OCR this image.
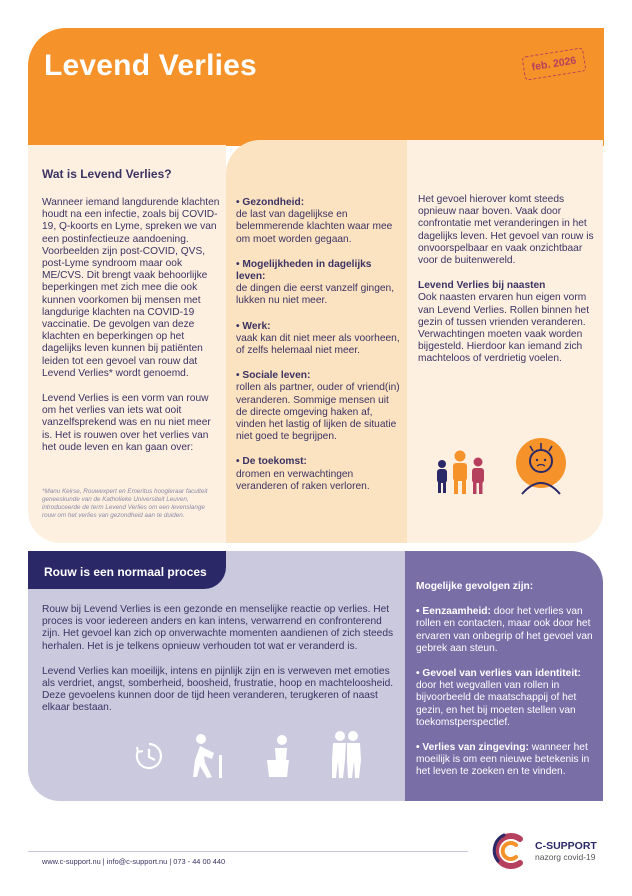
Levend Verlies	feb. 2026
Wat is Levend Verlies?

Wanneer iemand langdurende klachten houdt na een infectie, zoals bij COVID-19, Q-koorts en Lyme, spreken we van een postinfectieuze aandoening. Voorbeelden zijn post-COVID, QVS, post-Lyme syndroom maar ook ME/CVS. Dit brengt vaak behoorlijke beperkingen met zich mee die ook kunnen voorkomen bij mensen met langdurige klachten na COVID-19 vaccinatie. De gevolgen van deze klachten en beperkingen op het dagelijks leven kunnen bij patiënten leiden tot een gevoel van rouw dat Levend Verlies* wordt genoemd.

Levend Verlies is een vorm van rouw om het verlies van iets wat ooit vanzelfsprekend was en nu niet meer is. Het is rouwen over het verlies van het oude leven en kan gaan over:

*Manu Keirse, Rouwexpert en Emeritus hoogleraar faculteit geneeskunde van de Katholieke Universiteit Leuven, introduceerde de term Levend Verlies om een levenslange rouw om het verlies van gezondheid aan te duiden.
• Gezondheid:
de last van dagelijkse en belemmerende klachten waar mee om moet worden gegaan.
• Mogelijkheden in dagelijks leven:
de dingen die eerst vanzelf gingen, lukken nu niet meer.
• Werk:
vaak kan dit niet meer als voorheen, of zelfs helemaal niet meer.
• Sociale leven:
rollen als partner, ouder of vriend(in) veranderen. Sommige mensen uit de directe omgeving haken af, vinden het lastig of lijken de situatie niet goed te begrijpen.
• De toekomst:
dromen en verwachtingen veranderen of raken verloren.

Het gevoel hierover komt steeds opnieuw naar boven. Vaak door confrontatie met veranderingen in het dagelijks leven. Het gevoel van rouw is onvoorspelbaar en vaak onzichtbaar voor de buitenwereld.

Levend Verlies bij naasten

Ook naasten ervaren hun eigen vorm van Levend Verlies. Rollen binnen het gezin of tussen vrienden veranderen. Verwachtingen moeten vaak worden bijgesteld. Hierdoor kan iemand zich machteloos of verdrietig voelen.

Rouw is een normaal proces

Rouw bij Levend Verlies is een gezonde en menselijke reactie op verlies. Het proces is voor iedereen anders en kan intens, verwarrend en confronterend zijn. Het gevoel kan zich op onverwachte momenten aandienen of zich steeds herhalen. Het is je telkens opnieuw verhouden tot wat er veranderd is.

Levend Verlies kan moeilijk, intens en pijnlijk zijn en is verweven met emoties als verdriet, angst, somberheid, boosheid, frustratie, hoop en machteloosheid. Deze gevoelens kunnen door de tijd heen veranderen, terugkeren of naast elkaar bestaan.

Mogelijke gevolgen zijn:

• Eenzaamheid: door het verlies van rollen en contacten, maar ook door het ervaren van onbegrip of het gevoel van gebrek aan steun.
• Gevoel van verlies van identiteit: door het wegvallen van rollen in bijvoorbeeld de maatschappij of het gezin, en het bij moeten stellen van toekomstperspectief.
• Verlies van zingeving: wanneer het moeilijk is om een nieuwe betekenis in het leven te zoeken en te vinden.
www.c-support.nu | info@c-support.nu | 073 - 44 00 440
C-SUPPORT
nazorg covid-19
